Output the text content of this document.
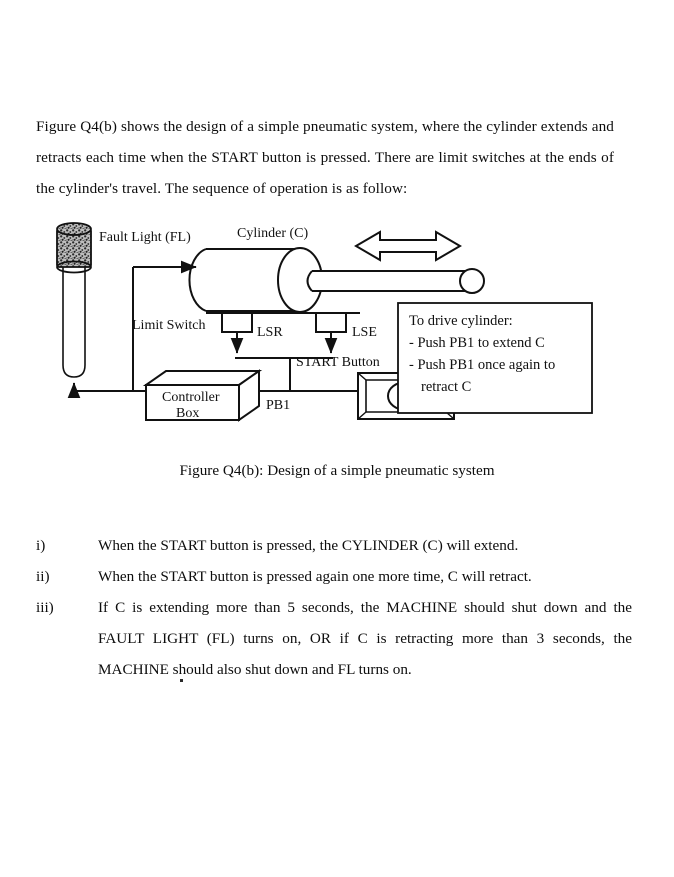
Figure Q4(b) shows the design of a simple pneumatic system, where the cylinder extends and retracts each time when the START button is pressed. There are limit switches at the ends of the cylinder's travel. The sequence of operation is as follow:

To drive cylinder:
- Push PB1 to extend C
- Push PB1 once again to
retract C
Fault Light (FL)	Cylinder (C)
Limit Switch	LSR	LSE
START Button
PB1
Controller
Box
Figure Q4(b): Design of a simple pneumatic system
i)	When the START button is pressed, the CYLINDER (C) will extend.
ii)	When the START button is pressed again one more time, C will retract.
iii)	If C is extending more than 5 seconds, the MACHINE should shut down and the FAULT LIGHT (FL) turns on, OR if C is retracting more than 3 seconds, the MACHINE should also shut down and FL turns on.
